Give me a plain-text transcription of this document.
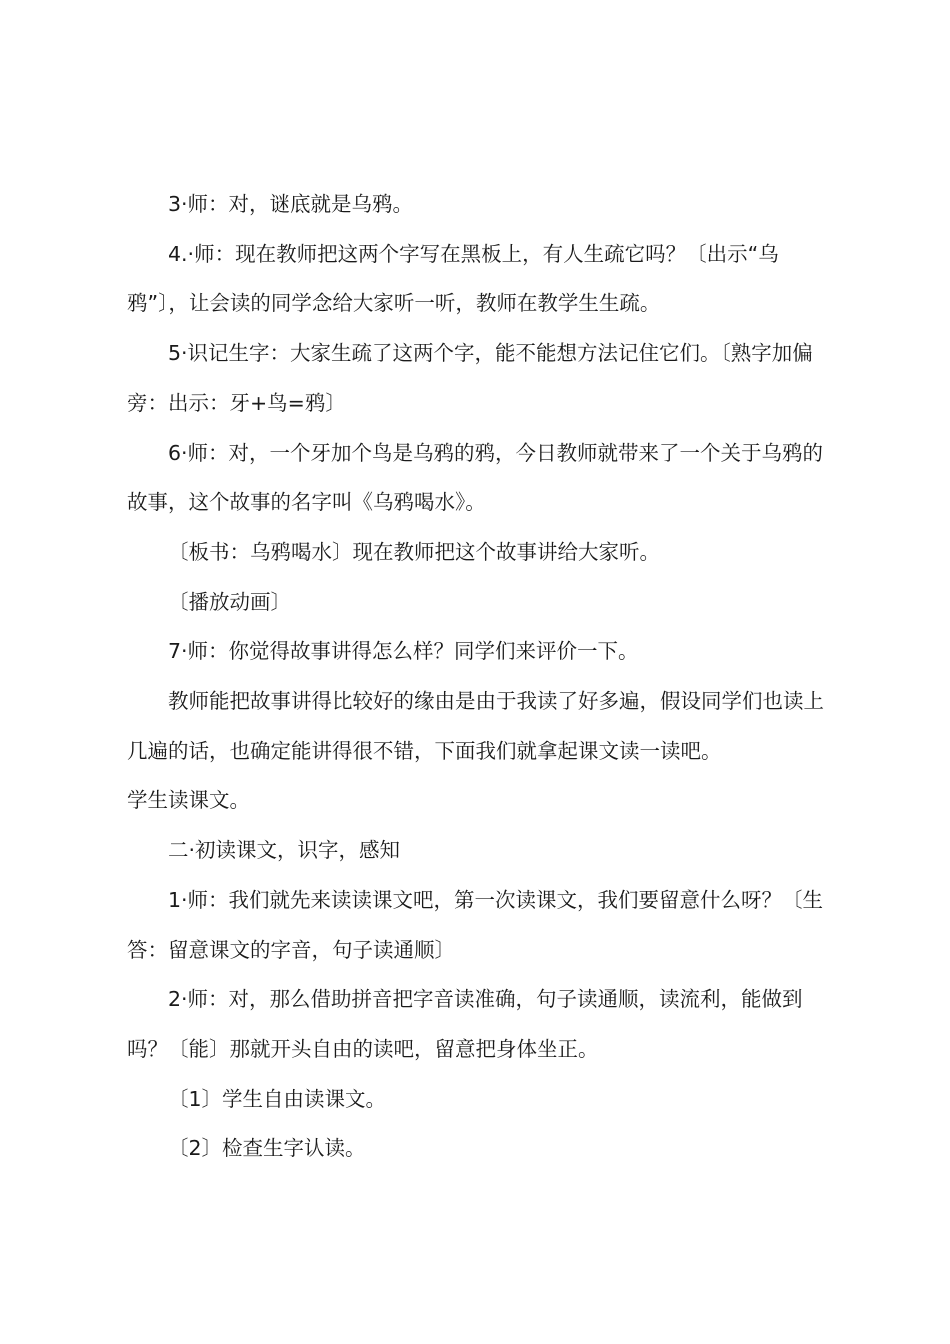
3·师：对，谜底就是乌鸦。

4.·师：现在教师把这两个字写在黑板上，有人生疏它吗？〔出示“乌鸦”〕，让会读的同学念给大家听一听，教师在教学生生疏。

5·识记生字：大家生疏了这两个字，能不能想方法记住它们。〔熟字加偏旁：出示：牙+鸟=鸦〕

6·师：对，一个牙加个鸟是乌鸦的鸦，今日教师就带来了一个关于乌鸦的故事，这个故事的名字叫《乌鸦喝水》。

〔板书：乌鸦喝水〕现在教师把这个故事讲给大家听。

〔播放动画〕

7·师：你觉得故事讲得怎么样？同学们来评价一下。

教师能把故事讲得比较好的缘由是由于我读了好多遍，假设同学们也读上几遍的话，也确定能讲得很不错，下面我们就拿起课文读一读吧。

学生读课文。

二·初读课文，识字，感知

1·师：我们就先来读读课文吧，第一次读课文，我们要留意什么呀？〔生答：留意课文的字音，句子读通顺〕

2·师：对，那么借助拼音把字音读准确，句子读通顺，读流利，能做到吗？〔能〕那就开头自由的读吧，留意把身体坐正。

〔1〕学生自由读课文。

〔2〕检查生字认读。
